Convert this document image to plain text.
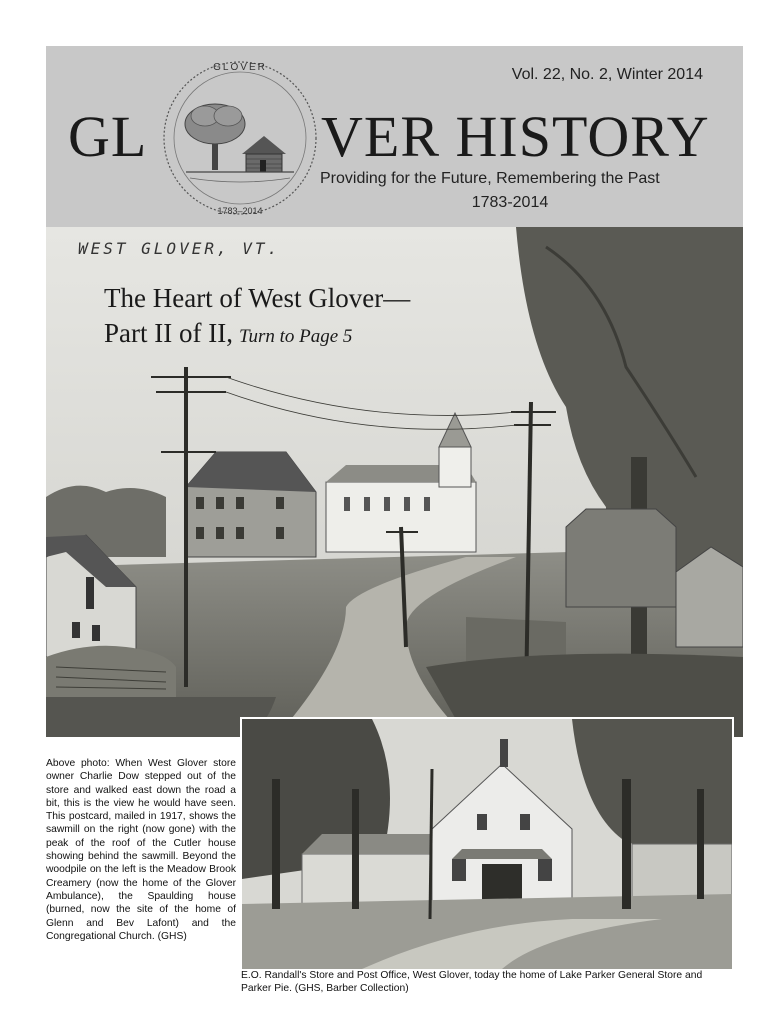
Vol. 22, No. 2, Winter 2014
GL
GLOVER
1783–2014
VER HISTORY
Providing for the Future, Remembering the Past
1783-2014
WEST GLOVER, VT.
The Heart of West Glover—
Part II of II, Turn to Page 5
Above photo: When West Glover store owner Charlie Dow stepped out of the store and walked east down the road a bit, this is the view he would have seen. This postcard, mailed in 1917, shows the sawmill on the right (now gone) with the peak of the roof of the Cutler house showing behind the sawmill. Beyond the woodpile on the left is the Meadow Brook Creamery (now the home of the Glover Ambulance), the Spaulding house (burned, now the site of the home of Glenn and Bev Lafont) and the Congregational Church. (GHS)
E.O. Randall's Store and Post Office, West Glover, today the home of Lake Parker General Store and Parker Pie. (GHS, Barber Collection)
